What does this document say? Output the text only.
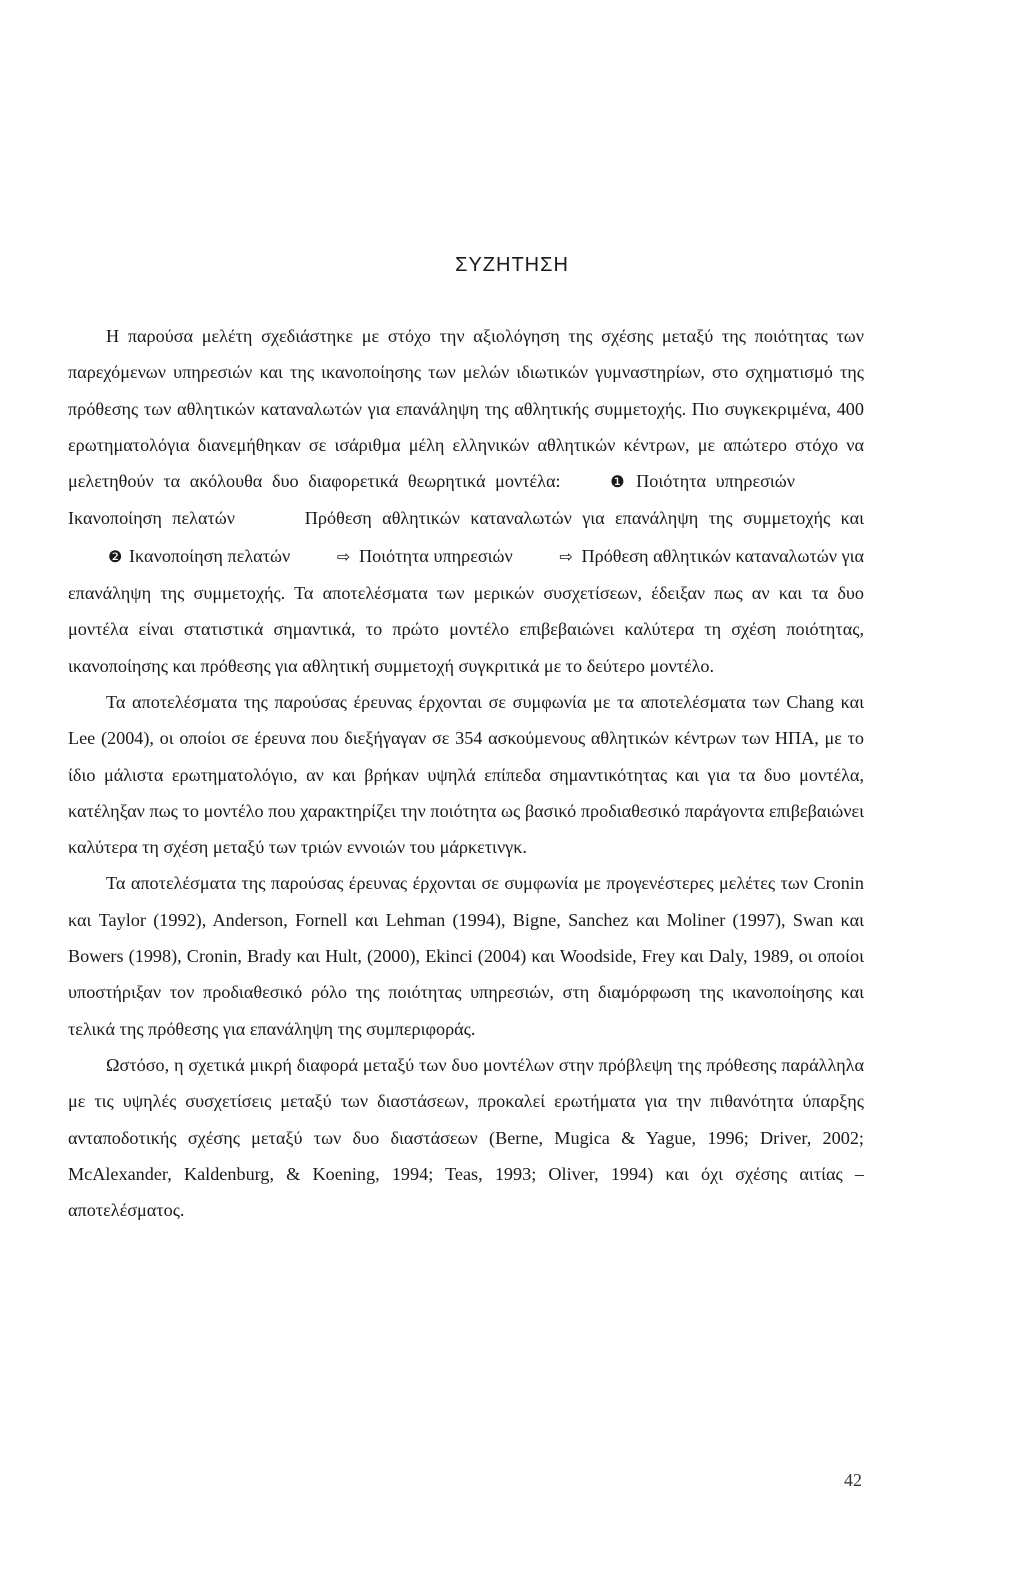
ΣΥΖΗΤΗΣΗ

Η παρούσα μελέτη σχεδιάστηκε με στόχο την αξιολόγηση της σχέσης μεταξύ της ποιότητας των παρεχόμενων υπηρεσιών και της ικανοποίησης των μελών ιδιωτικών γυμναστηρίων, στο σχηματισμό της πρόθεσης των αθλητικών καταναλωτών για επανάληψη της αθλητικής συμμετοχής. Πιο συγκεκριμένα, 400 ερωτηματολόγια διανεμήθηκαν σε ισάριθμα μέλη ελληνικών αθλητικών κέντρων, με απώτερο στόχο να μελετηθούν τα ακόλουθα δυο διαφορετικά θεωρητικά μοντέλα:	❶ Ποιότητα υπηρεσιών	⇨Ικανοποίηση πελατών	⇨ Πρόθεση αθλητικών καταναλωτών για επανάληψη της συμμετοχής και ❷ Ικανοποίηση πελατών	⇨ Ποιότητα υπηρεσιών	⇨ Πρόθεση αθλητικών καταναλωτών για επανάληψη της συμμετοχής. Τα αποτελέσματα των μερικών συσχετίσεων, έδειξαν πως αν και τα δυο μοντέλα είναι στατιστικά σημαντικά, το πρώτο μοντέλο επιβεβαιώνει καλύτερα τη σχέση ποιότητας, ικανοποίησης και πρόθεσης για αθλητική συμμετοχή συγκριτικά με το δεύτερο μοντέλο.

Τα αποτελέσματα της παρούσας έρευνας έρχονται σε συμφωνία με τα αποτελέσματα των Chang και Lee (2004), οι οποίοι σε έρευνα που διεξήγαγαν σε 354 ασκούμενους αθλητικών κέντρων των ΗΠΑ, με το ίδιο μάλιστα ερωτηματολόγιο, αν και βρήκαν υψηλά επίπεδα σημαντικότητας και για τα δυο μοντέλα, κατέληξαν πως το μοντέλο που χαρακτηρίζει την ποιότητα ως βασικό προδιαθεσικό παράγοντα επιβεβαιώνει καλύτερα τη σχέση μεταξύ των τριών εννοιών του μάρκετινγκ.

Τα αποτελέσματα της παρούσας έρευνας έρχονται σε συμφωνία με προγενέστερες μελέτες των Cronin και Taylor (1992), Anderson, Fornell και Lehman (1994), Bigne, Sanchez και Moliner (1997), Swan και Bowers (1998), Cronin, Brady και Hult, (2000), Ekinci (2004) και Woodside, Frey και Daly, 1989, οι οποίοι υποστήριξαν τον προδιαθεσικό ρόλο της ποιότητας υπηρεσιών, στη διαμόρφωση της ικανοποίησης και τελικά της πρόθεσης για επανάληψη της συμπεριφοράς.

Ωστόσο, η σχετικά μικρή διαφορά μεταξύ των δυο μοντέλων στην πρόβλεψη της πρόθεσης παράλληλα με τις υψηλές συσχετίσεις μεταξύ των διαστάσεων, προκαλεί ερωτήματα για την πιθανότητα ύπαρξης ανταποδοτικής σχέσης μεταξύ των δυο διαστάσεων (Berne, Mugica & Yague, 1996; Driver, 2002; McAlexander, Kaldenburg, & Koening, 1994; Teas, 1993; Oliver, 1994) και όχι σχέσης αιτίας – αποτελέσματος.

42
